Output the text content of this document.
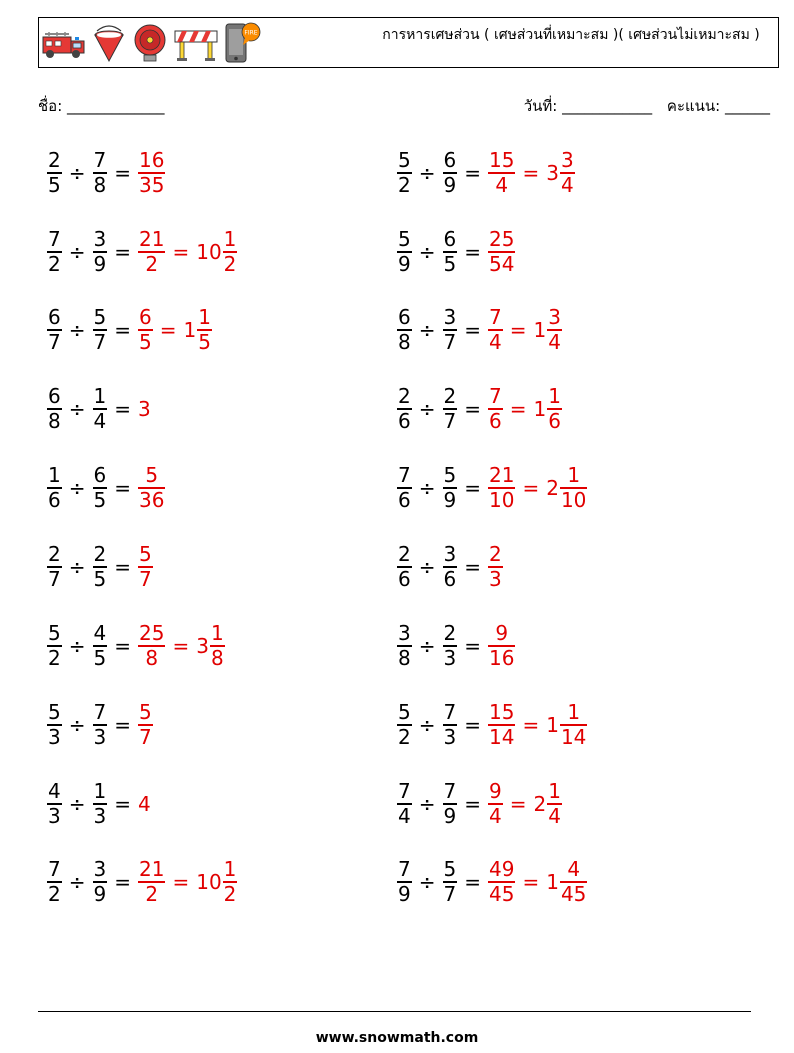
FIRE	การหารเศษส่วน ( เศษส่วนที่เหมาะสม )( เศษส่วนไม่เหมาะสม )
ชื่อ: _____________	วันที่: ____________ คะแนน: ______
$\frac{2}{5} \div \frac{7}{8} = \frac{16}{35}$	$\frac{5}{2} \div \frac{6}{9} = \frac{15}{4} = 3 \frac{3}{4}$
$\frac{7}{2} \div \frac{3}{9} = \frac{21}{2} = 10 \frac{1}{2}$	$\frac{5}{9} \div \frac{6}{5} = \frac{25}{54}$
$\frac{6}{7} \div \frac{5}{7} = \frac{6}{5} = 1 \frac{1}{5}$	$\frac{6}{8} \div \frac{3}{7} = \frac{7}{4} = 1 \frac{3}{4}$
$\frac{6}{8} \div \frac{1}{4} = 3$	$\frac{2}{6} \div \frac{2}{7} = \frac{7}{6} = 1 \frac{1}{6}$
$\frac{1}{6} \div \frac{6}{5} = \frac{5}{36}$	$\frac{7}{6} \div \frac{5}{9} = \frac{21}{10} = 2 \frac{1}{10}$
$\frac{2}{7} \div \frac{2}{5} = \frac{5}{7}$	$\frac{2}{6} \div \frac{3}{6} = \frac{2}{3}$
$\frac{5}{2} \div \frac{4}{5} = \frac{25}{8} = 3 \frac{1}{8}$	$\frac{3}{8} \div \frac{2}{3} = \frac{9}{16}$
$\frac{5}{3} \div \frac{7}{3} = \frac{5}{7}$	$\frac{5}{2} \div \frac{7}{3} = \frac{15}{14} = 1 \frac{1}{14}$
$\frac{4}{3} \div \frac{1}{3} = 4$	$\frac{7}{4} \div \frac{7}{9} = \frac{9}{4} = 2 \frac{1}{4}$
$\frac{7}{2} \div \frac{3}{9} = \frac{21}{2} = 10 \frac{1}{2}$	$\frac{7}{9} \div \frac{5}{7} = \frac{49}{45} = 1 \frac{4}{45}$
www.snowmath.com
